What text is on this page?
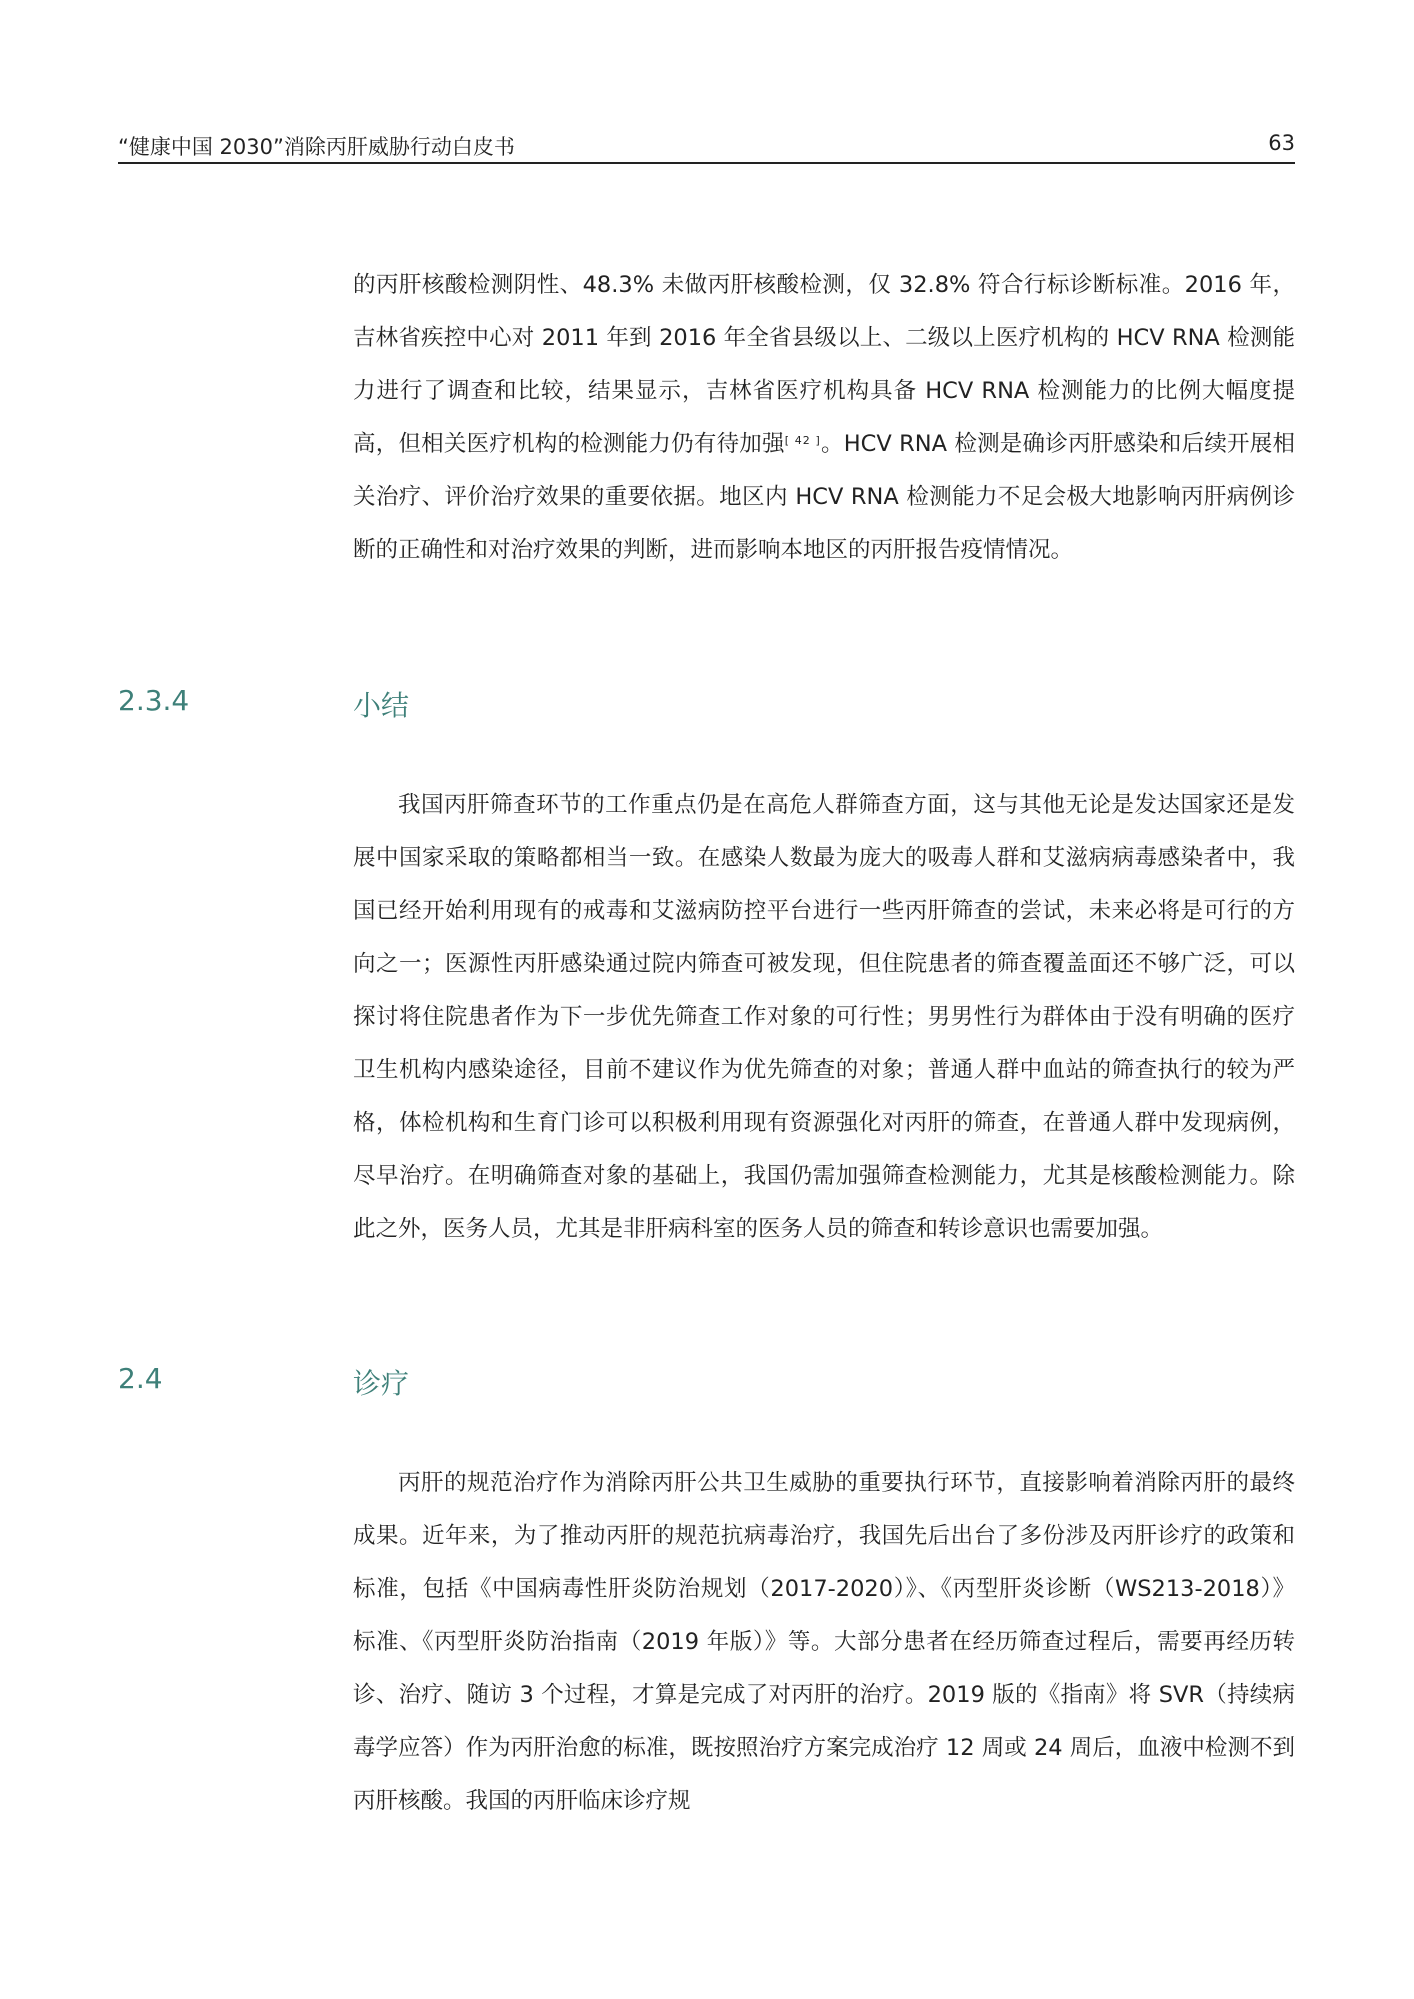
“健康中国 2030”消除丙肝威胁行动白皮书	63

的丙肝核酸检测阴性、48.3% 未做丙肝核酸检测，仅 32.8% 符合行标诊断标准。2016 年，吉林省疾控中心对 2011 年到 2016 年全省县级以上、二级以上医疗机构的 HCV RNA 检测能力进行了调查和比较，结果显示，吉林省医疗机构具备 HCV RNA 检测能力的比例大幅度提高，但相关医疗机构的检测能力仍有待加强[ 42 ]。HCV RNA 检测是确诊丙肝感染和后续开展相关治疗、评价治疗效果的重要依据。地区内 HCV RNA 检测能力不足会极大地影响丙肝病例诊断的正确性和对治疗效果的判断，进而影响本地区的丙肝报告疫情情况。

2.3.4	小结

我国丙肝筛查环节的工作重点仍是在高危人群筛查方面，这与其他无论是发达国家还是发展中国家采取的策略都相当一致。在感染人数最为庞大的吸毒人群和艾滋病病毒感染者中，我国已经开始利用现有的戒毒和艾滋病防控平台进行一些丙肝筛查的尝试，未来必将是可行的方向之一；医源性丙肝感染通过院内筛查可被发现，但住院患者的筛查覆盖面还不够广泛，可以探讨将住院患者作为下一步优先筛查工作对象的可行性；男男性行为群体由于没有明确的医疗卫生机构内感染途径，目前不建议作为优先筛查的对象；普通人群中血站的筛查执行的较为严格，体检机构和生育门诊可以积极利用现有资源强化对丙肝的筛查，在普通人群中发现病例，尽早治疗。在明确筛查对象的基础上，我国仍需加强筛查检测能力，尤其是核酸检测能力。除此之外，医务人员，尤其是非肝病科室的医务人员的筛查和转诊意识也需要加强。

2.4	诊疗

丙肝的规范治疗作为消除丙肝公共卫生威胁的重要执行环节，直接影响着消除丙肝的最终成果。近年来，为了推动丙肝的规范抗病毒治疗，我国先后出台了多份涉及丙肝诊疗的政策和标准，包括《中国病毒性肝炎防治规划（2017-2020）》、《丙型肝炎诊断（WS213-2018）》标准、《丙型肝炎防治指南（2019 年版）》等。大部分患者在经历筛查过程后，需要再经历转诊、治疗、随访 3 个过程，才算是完成了对丙肝的治疗。2019 版的《指南》将 SVR（持续病毒学应答）作为丙肝治愈的标准，既按照治疗方案完成治疗 12 周或 24 周后，血液中检测不到丙肝核酸。我国的丙肝临床诊疗规
